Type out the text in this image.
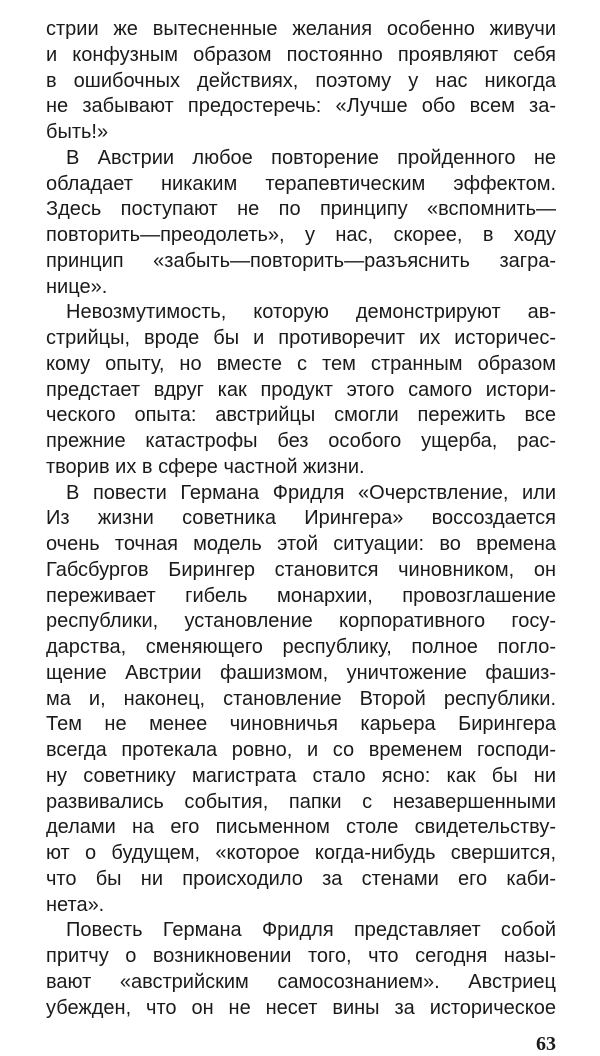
стрии же вытесненные желания особенно живучи
и конфузным образом постоянно проявляют себя
в ошибочных действиях, поэтому у нас никогда
не забывают предостеречь: «Лучше обо всем за-
быть!»
В Австрии любое повторение пройденного не
обладает никаким терапевтическим эффектом.
Здесь поступают не по принципу «вспомнить—
повторить—преодолеть», у нас, скорее, в ходу
принцип «забыть—повторить—разъяснить загра-
нице».
Невозмутимость, которую демонстрируют ав-
стрийцы, вроде бы и противоречит их историчес-
кому опыту, но вместе с тем странным образом
предстает вдруг как продукт этого самого истори-
ческого опыта: австрийцы смогли пережить все
прежние катастрофы без особого ущерба, рас-
творив их в сфере частной жизни.
В повести Германа Фридля «Очерствление, или
Из жизни советника Ирингера» воссоздается
очень точная модель этой ситуации: во времена
Габсбургов Бирингер становится чиновником, он
переживает гибель монархии, провозглашение
республики, установление корпоративного госу-
дарства, сменяющего республику, полное погло-
щение Австрии фашизмом, уничтожение фашиз-
ма и, наконец, становление Второй республики.
Тем не менее чиновничья карьера Бирингера
всегда протекала ровно, и со временем господи-
ну советнику магистрата стало ясно: как бы ни
развивались события, папки с незавершенными
делами на его письменном столе свидетельству-
ют о будущем, «которое когда-нибудь свершится,
что бы ни происходило за стенами его каби-
нета».
Повесть Германа Фридля представляет собой
притчу о возникновении того, что сегодня назы-
вают «австрийским самосознанием». Австриец
убежден, что он не несет вины за историческое
63
